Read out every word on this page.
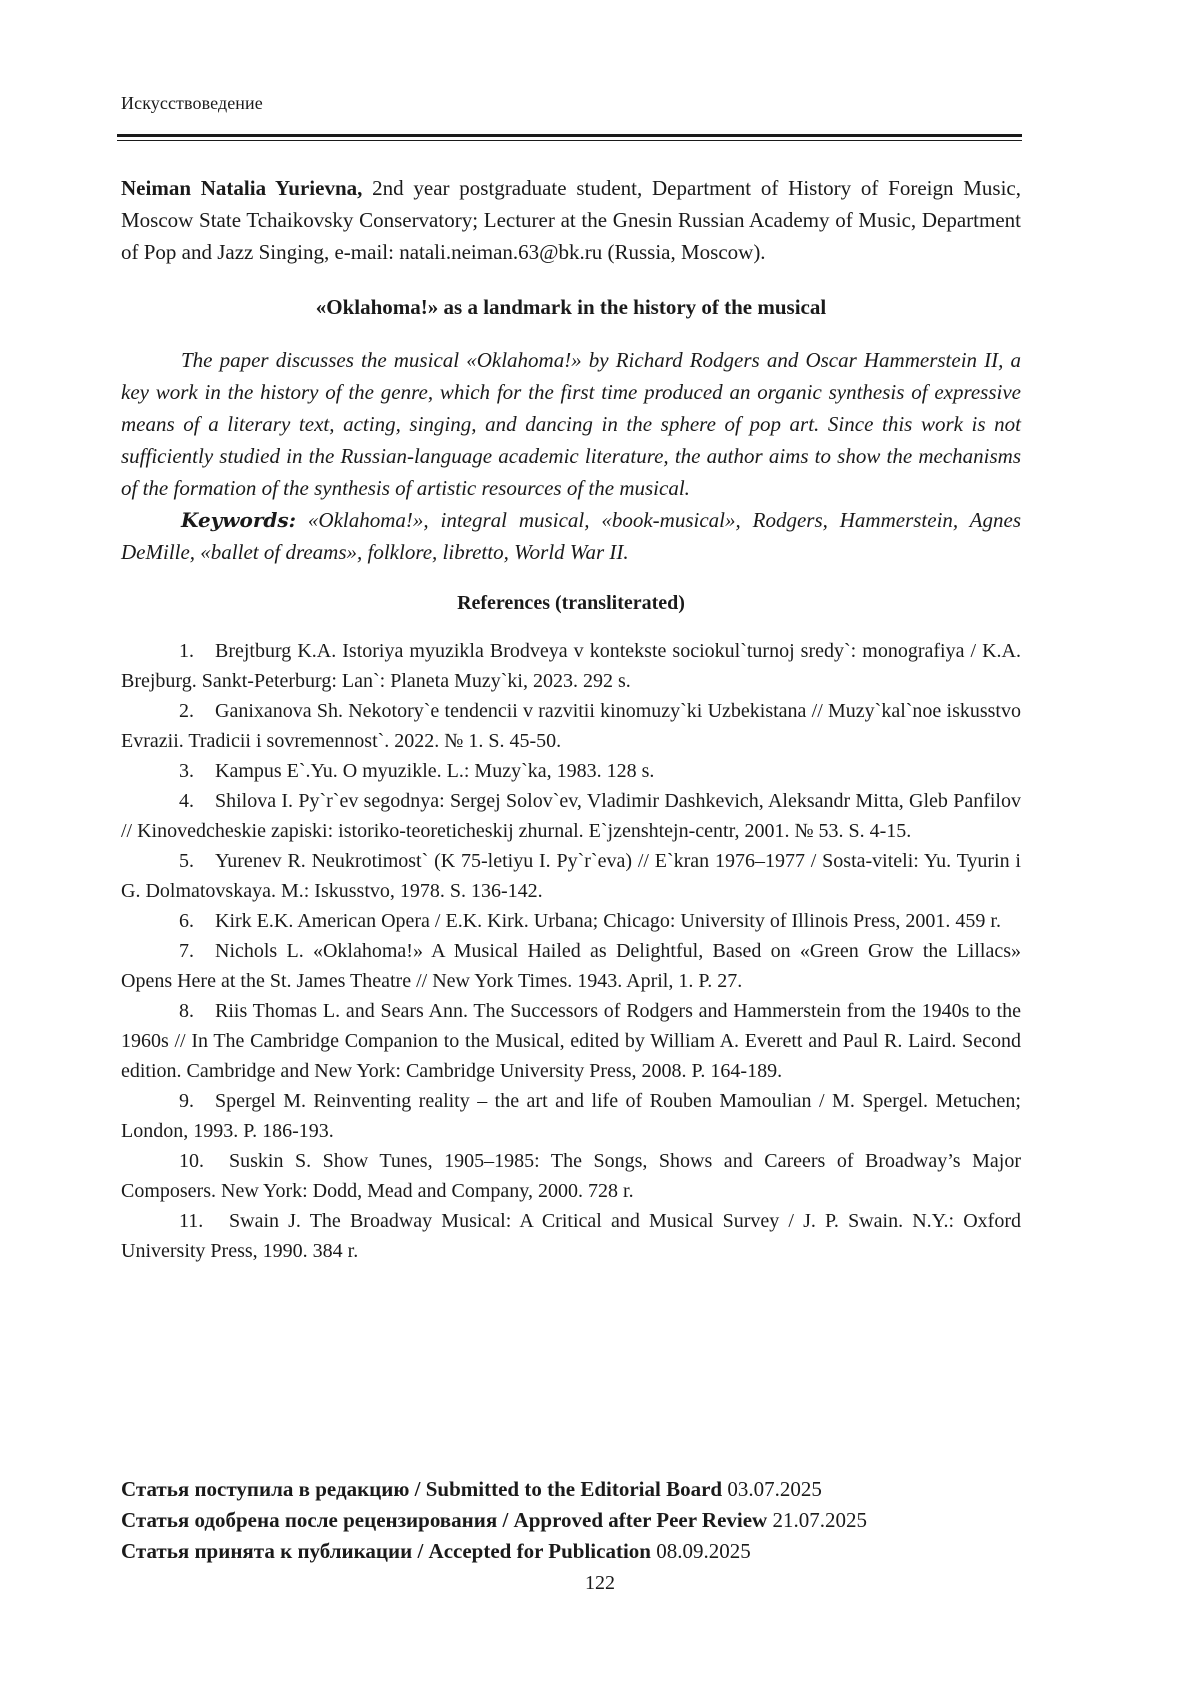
Искусствоведение

Neiman Natalia Yurievna, 2nd year postgraduate student, Department of History of Foreign Music, Moscow State Tchaikovsky Conservatory; Lecturer at the Gnesin Russian Academy of Music, Department of Pop and Jazz Singing, e-mail: natali.neiman.63@bk.ru (Russia, Moscow).

«Oklahoma!» as a landmark in the history of the musical

The paper discusses the musical «Oklahoma!» by Richard Rodgers and Oscar Hammerstein II, a key work in the history of the genre, which for the first time produced an organic synthesis of expressive means of a literary text, acting, singing, and dancing in the sphere of pop art. Since this work is not sufficiently studied in the Russian-language academic literature, the author aims to show the mechanisms of the formation of the synthesis of artistic resources of the musical.

Keywords: «Oklahoma!», integral musical, «book-musical», Rodgers, Hammerstein, Agnes DeMille, «ballet of dreams», folklore, libretto, World War II.

References (transliterated)
1. Brejtburg K.A. Istoriya myuzikla Brodveya v kontekste sociokul`turnoj sredy`: monografiya / K.A. Brejburg. Sankt-Peterburg: Lan`: Planeta Muzy`ki, 2023. 292 s.
2. Ganixanova Sh. Nekotory`e tendencii v razvitii kinomuzy`ki Uzbekistana // Muzy`kal`noe iskusstvo Evrazii. Tradicii i sovremennost`. 2022. № 1. S. 45-50.
3. Kampus E`.Yu. O myuzikle. L.: Muzy`ka, 1983. 128 s.
4. Shilova I. Py`r`ev segodnya: Sergej Solov`ev, Vladimir Dashkevich, Aleksandr Mitta, Gleb Panfilov // Kinovedcheskie zapiski: istoriko-teoreticheskij zhurnal. E`jzenshtejn-centr, 2001. № 53. S. 4-15.
5. Yurenev R. Neukrotimost` (K 75-letiyu I. Py`r`eva) // E`kran 1976–1977 / Sosta-viteli: Yu. Tyurin i G. Dolmatovskaya. M.: Iskusstvo, 1978. S. 136-142.
6. Kirk E.K. American Opera / E.K. Kirk. Urbana; Chicago: University of Illinois Press, 2001. 459 r.
7. Nichols L. «Oklahoma!» A Musical Hailed as Delightful, Based on «Green Grow the Lillacs» Opens Here at the St. James Theatre // New York Times. 1943. April, 1. P. 27.
8. Riis Thomas L. and Sears Ann. The Successors of Rodgers and Hammerstein from the 1940s to the 1960s // In The Cambridge Companion to the Musical, edited by William A. Everett and Paul R. Laird. Second edition. Cambridge and New York: Cambridge University Press, 2008. P. 164-189.
9. Spergel M. Reinventing reality – the art and life of Rouben Mamoulian / M. Spergel. Metuchen; London, 1993. P. 186-193.
10. Suskin S. Show Tunes, 1905–1985: The Songs, Shows and Careers of Broadway’s Major Composers. New York: Dodd, Mead and Company, 2000. 728 r.
11. Swain J. The Broadway Musical: A Critical and Musical Survey / J. P. Swain. N.Y.: Oxford University Press, 1990. 384 r.

Статья поступила в редакцию / Submitted to the Editorial Board 03.07.2025

Статья одобрена после рецензирования / Approved after Peer Review 21.07.2025

Статья принята к публикации / Accepted for Publication 08.09.2025

122
